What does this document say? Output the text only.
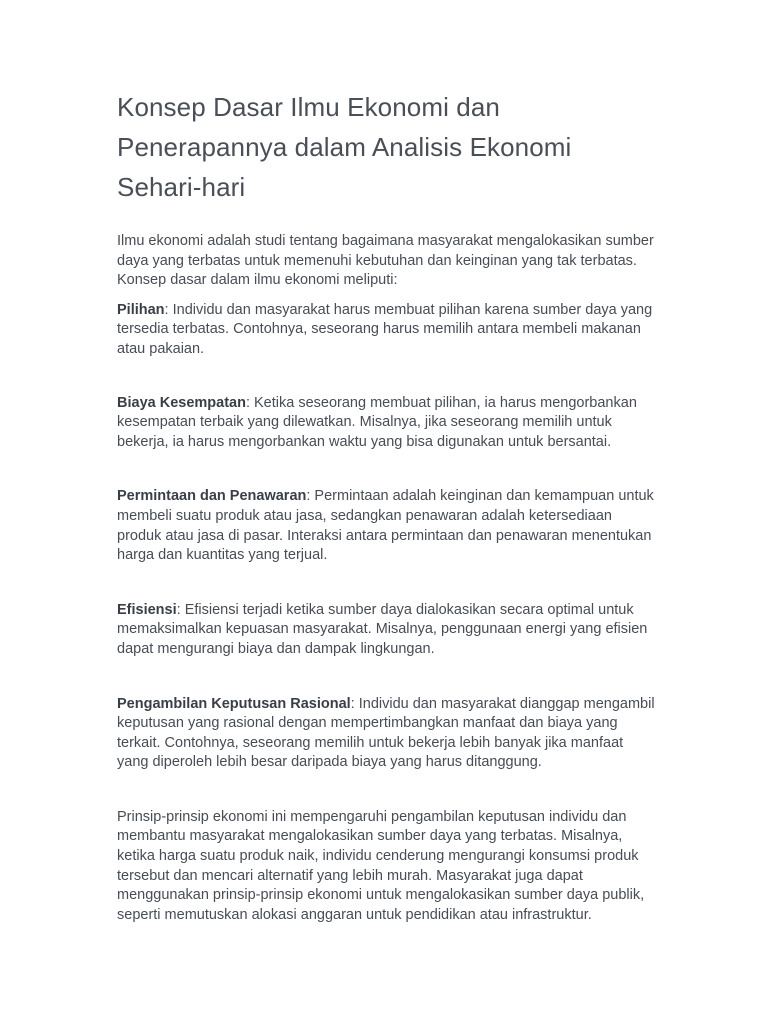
Konsep Dasar Ilmu Ekonomi dan
Penerapannya dalam Analisis Ekonomi
Sehari-hari

Ilmu ekonomi adalah studi tentang bagaimana masyarakat mengalokasikan sumber daya yang terbatas untuk memenuhi kebutuhan dan keinginan yang tak terbatas. Konsep dasar dalam ilmu ekonomi meliputi:

Pilihan: Individu dan masyarakat harus membuat pilihan karena sumber daya yang tersedia terbatas. Contohnya, seseorang harus memilih antara membeli makanan atau pakaian.

Biaya Kesempatan: Ketika seseorang membuat pilihan, ia harus mengorbankan kesempatan terbaik yang dilewatkan. Misalnya, jika seseorang memilih untuk bekerja, ia harus mengorbankan waktu yang bisa digunakan untuk bersantai.

Permintaan dan Penawaran: Permintaan adalah keinginan dan kemampuan untuk membeli suatu produk atau jasa, sedangkan penawaran adalah ketersediaan produk atau jasa di pasar. Interaksi antara permintaan dan penawaran menentukan harga dan kuantitas yang terjual.

Efisiensi: Efisiensi terjadi ketika sumber daya dialokasikan secara optimal untuk memaksimalkan kepuasan masyarakat. Misalnya, penggunaan energi yang efisien dapat mengurangi biaya dan dampak lingkungan.

Pengambilan Keputusan Rasional: Individu dan masyarakat dianggap mengambil keputusan yang rasional dengan mempertimbangkan manfaat dan biaya yang terkait. Contohnya, seseorang memilih untuk bekerja lebih banyak jika manfaat yang diperoleh lebih besar daripada biaya yang harus ditanggung.

Prinsip-prinsip ekonomi ini mempengaruhi pengambilan keputusan individu dan membantu masyarakat mengalokasikan sumber daya yang terbatas. Misalnya, ketika harga suatu produk naik, individu cenderung mengurangi konsumsi produk tersebut dan mencari alternatif yang lebih murah. Masyarakat juga dapat menggunakan prinsip-prinsip ekonomi untuk mengalokasikan sumber daya publik, seperti memutuskan alokasi anggaran untuk pendidikan atau infrastruktur.
